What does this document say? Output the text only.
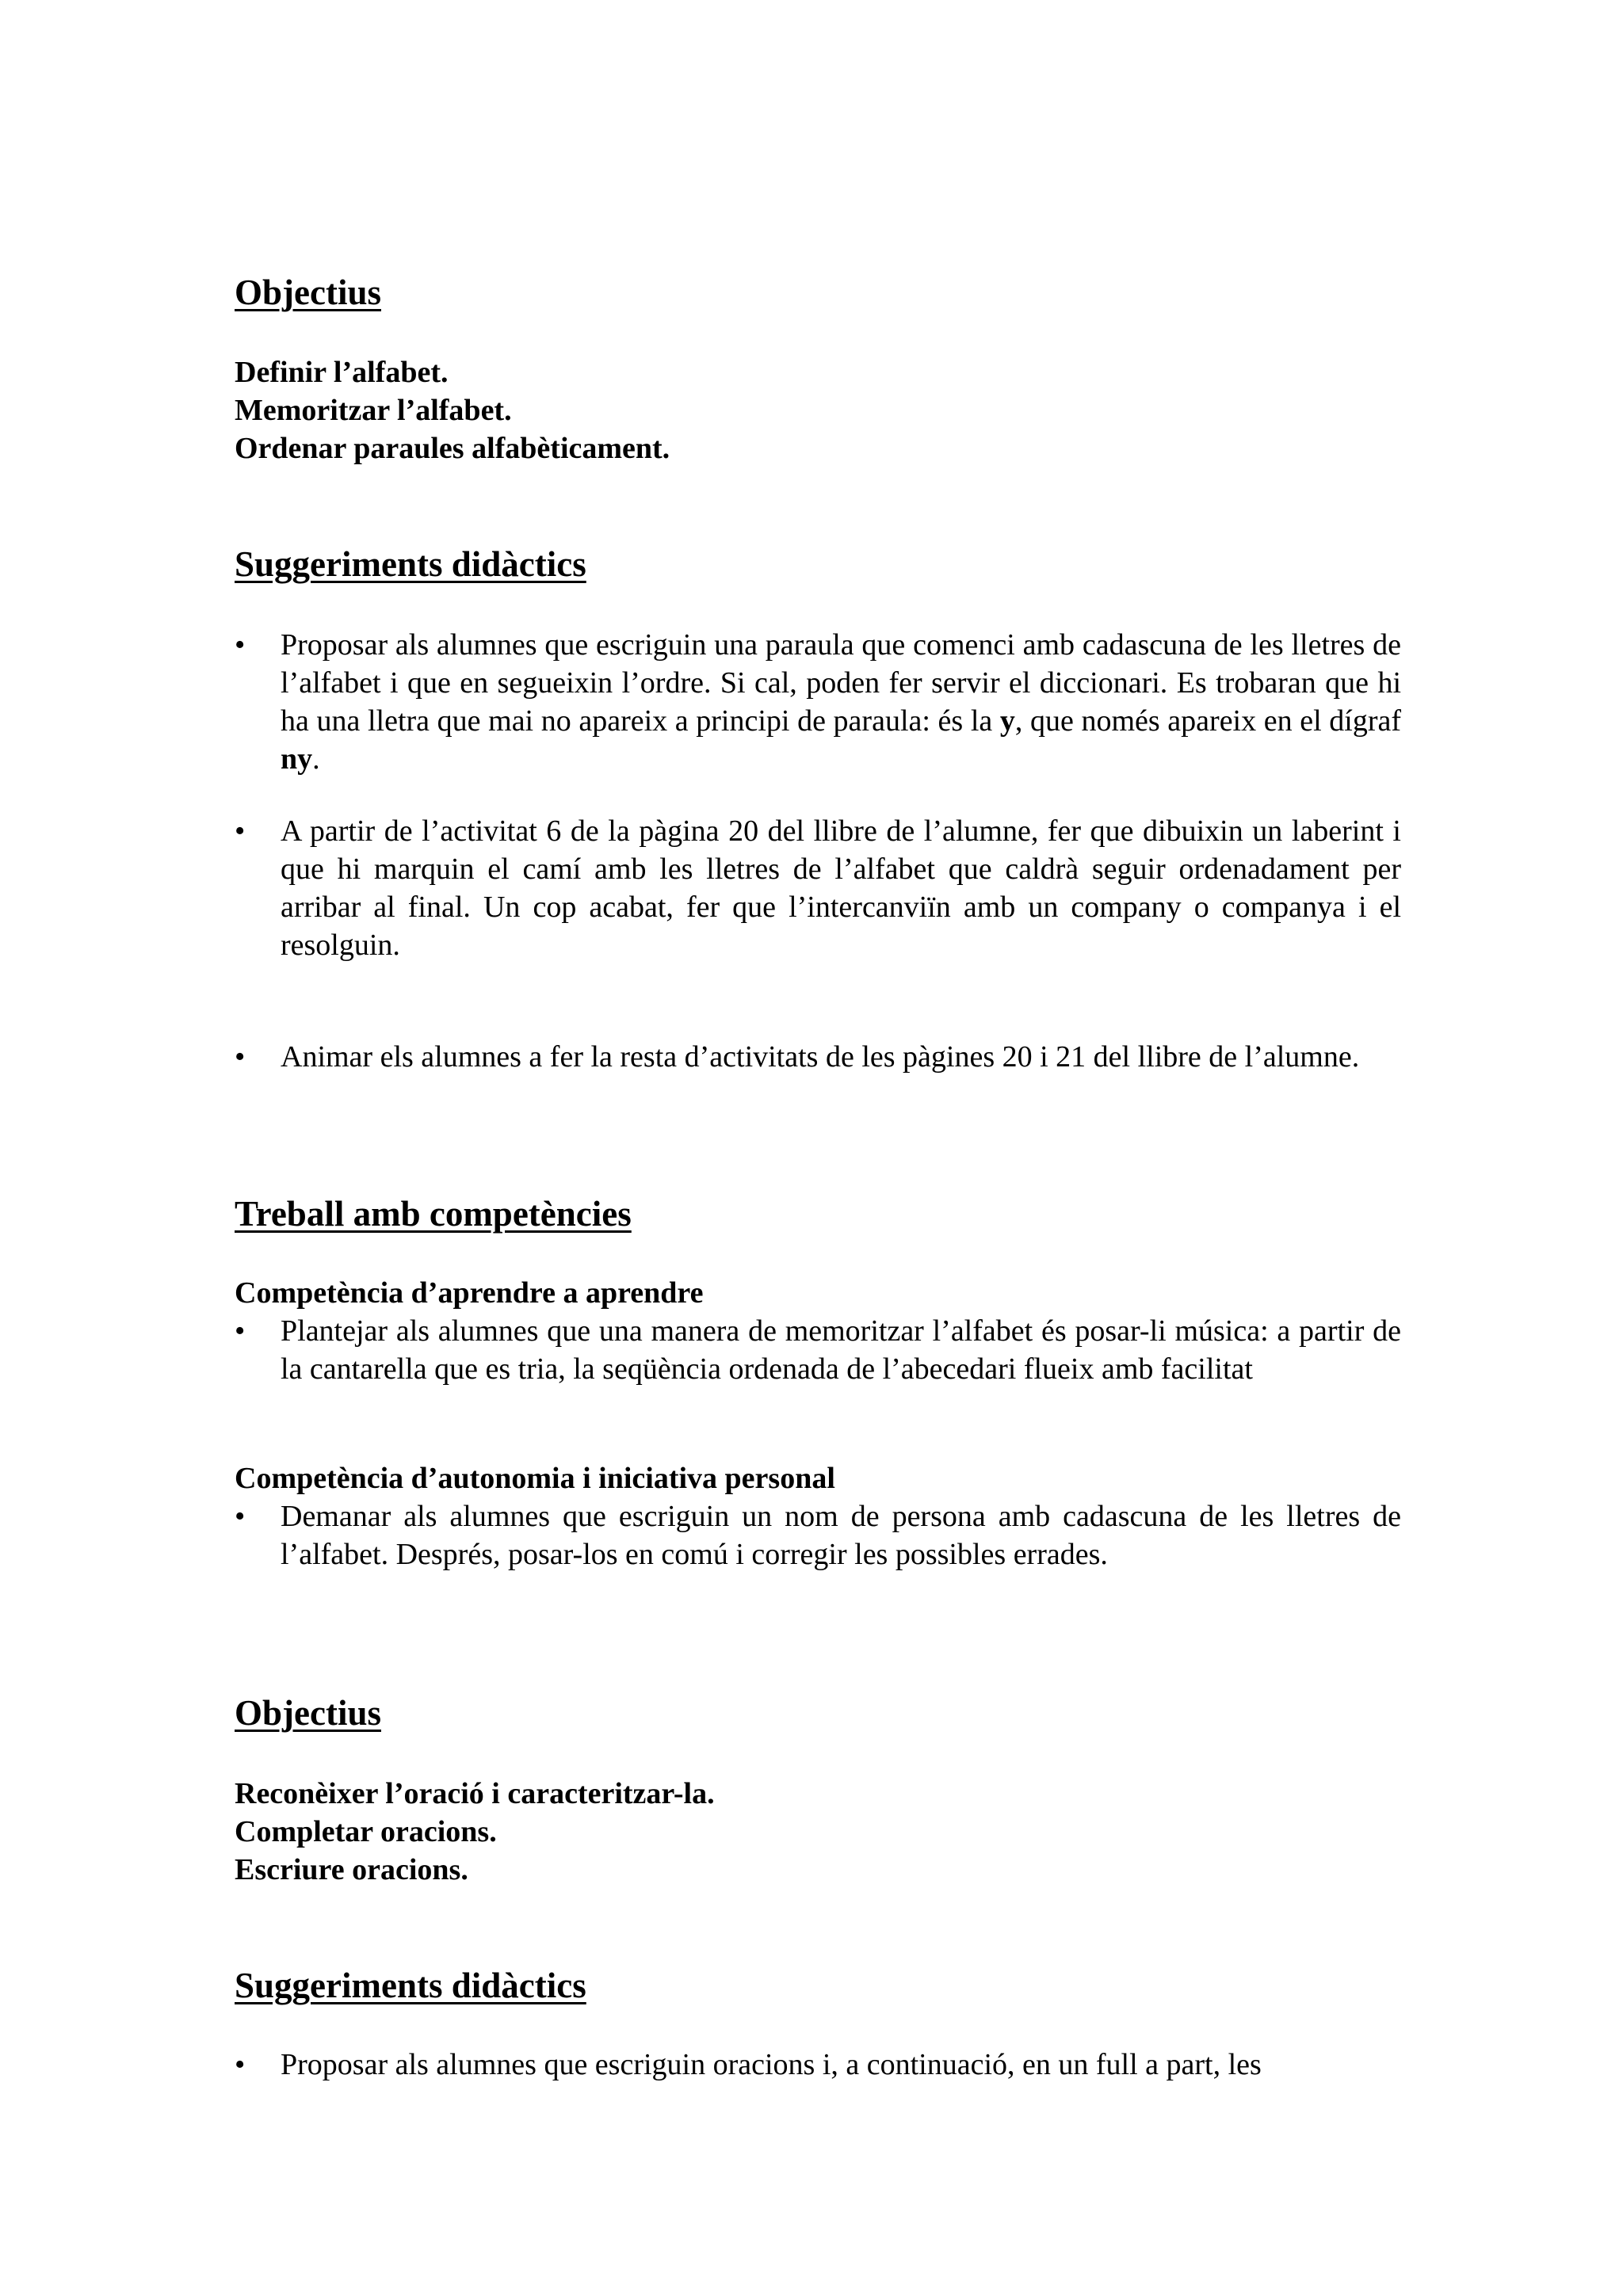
Objectius
Definir l’alfabet.
Memoritzar l’alfabet.
Ordenar paraules alfabèticament.
Suggeriments didàctics
•	Proposar als alumnes que escriguin una paraula que comenci amb cadascuna de les lletres de l’alfabet i que en segueixin l’ordre. Si cal, poden fer servir el diccionari. Es trobaran que hi ha una lletra que mai no apareix a principi de paraula: és la y, que només apareix en el dígraf ny.
•	A partir de l’activitat 6 de la pàgina 20 del llibre de l’alumne, fer que dibuixin un laberint i que hi marquin el camí amb les lletres de l’alfabet que caldrà seguir ordenadament per arribar al final. Un cop acabat, fer que l’intercanviïn amb un company o companya i el resolguin.
•	Animar els alumnes a fer la resta d’activitats de les pàgines 20 i 21 del llibre de l’alumne.
Treball amb competències

Competència d’aprendre a aprendre

•	Plantejar als alumnes que una manera de memoritzar l’alfabet és posar-li música: a partir de la cantarella que es tria, la seqüència ordenada de l’abecedari flueix amb facilitat

Competència d’autonomia i iniciativa personal

•	Demanar als alumnes que escriguin un nom de persona amb cadascuna de les lletres de l’alfabet. Després, posar-los en comú i corregir les possibles errades.
Objectius
Reconèixer l’oració i caracteritzar-la.
Completar oracions.
Escriure oracions.
Suggeriments didàctics
•	Proposar als alumnes que escriguin oracions i, a continuació, en un full a part, les
